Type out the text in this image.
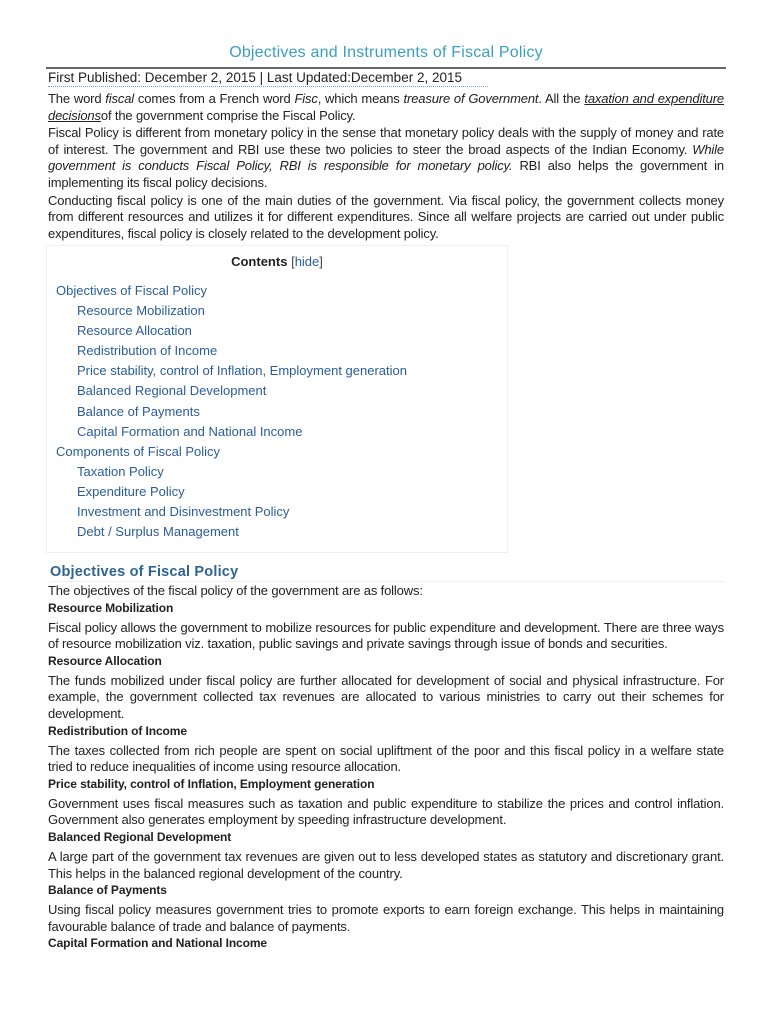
Objectives and Instruments of Fiscal Policy
First Published: December 2, 2015 | Last Updated:December 2, 2015

The word fiscal comes from a French word Fisc, which means treasure of Government. All the taxation and expenditure decisionsof the government comprise the Fiscal Policy.

Fiscal Policy is different from monetary policy in the sense that monetary policy deals with the supply of money and rate of interest. The government and RBI use these two policies to steer the broad aspects of the Indian Economy. While government is conducts Fiscal Policy, RBI is responsible for monetary policy. RBI also helps the government in implementing its fiscal policy decisions.

Conducting fiscal policy is one of the main duties of the government. Via fiscal policy, the government collects money from different resources and utilizes it for different expenditures. Since all welfare projects are carried out under public expenditures, fiscal policy is closely related to the development policy.

Contents [hide]
Objectives of Fiscal Policy
Resource Mobilization
Resource Allocation
Redistribution of Income
Price stability, control of Inflation, Employment generation
Balanced Regional Development
Balance of Payments
Capital Formation and National Income
Components of Fiscal Policy
Taxation Policy
Expenditure Policy
Investment and Disinvestment Policy
Debt / Surplus Management
Objectives of Fiscal Policy

The objectives of the fiscal policy of the government are as follows:

Resource Mobilization

Fiscal policy allows the government to mobilize resources for public expenditure and development. There are three ways of resource mobilization viz. taxation, public savings and private savings through issue of bonds and securities.

Resource Allocation

The funds mobilized under fiscal policy are further allocated for development of social and physical infrastructure. For example, the government collected tax revenues are allocated to various ministries to carry out their schemes for development.

Redistribution of Income

The taxes collected from rich people are spent on social upliftment of the poor and this fiscal policy in a welfare state tried to reduce inequalities of income using resource allocation.

Price stability, control of Inflation, Employment generation

Government uses fiscal measures such as taxation and public expenditure to stabilize the prices and control inflation. Government also generates employment by speeding infrastructure development.

Balanced Regional Development

A large part of the government tax revenues are given out to less developed states as statutory and discretionary grant. This helps in the balanced regional development of the country.

Balance of Payments

Using fiscal policy measures government tries to promote exports to earn foreign exchange. This helps in maintaining favourable balance of trade and balance of payments.

Capital Formation and National Income
